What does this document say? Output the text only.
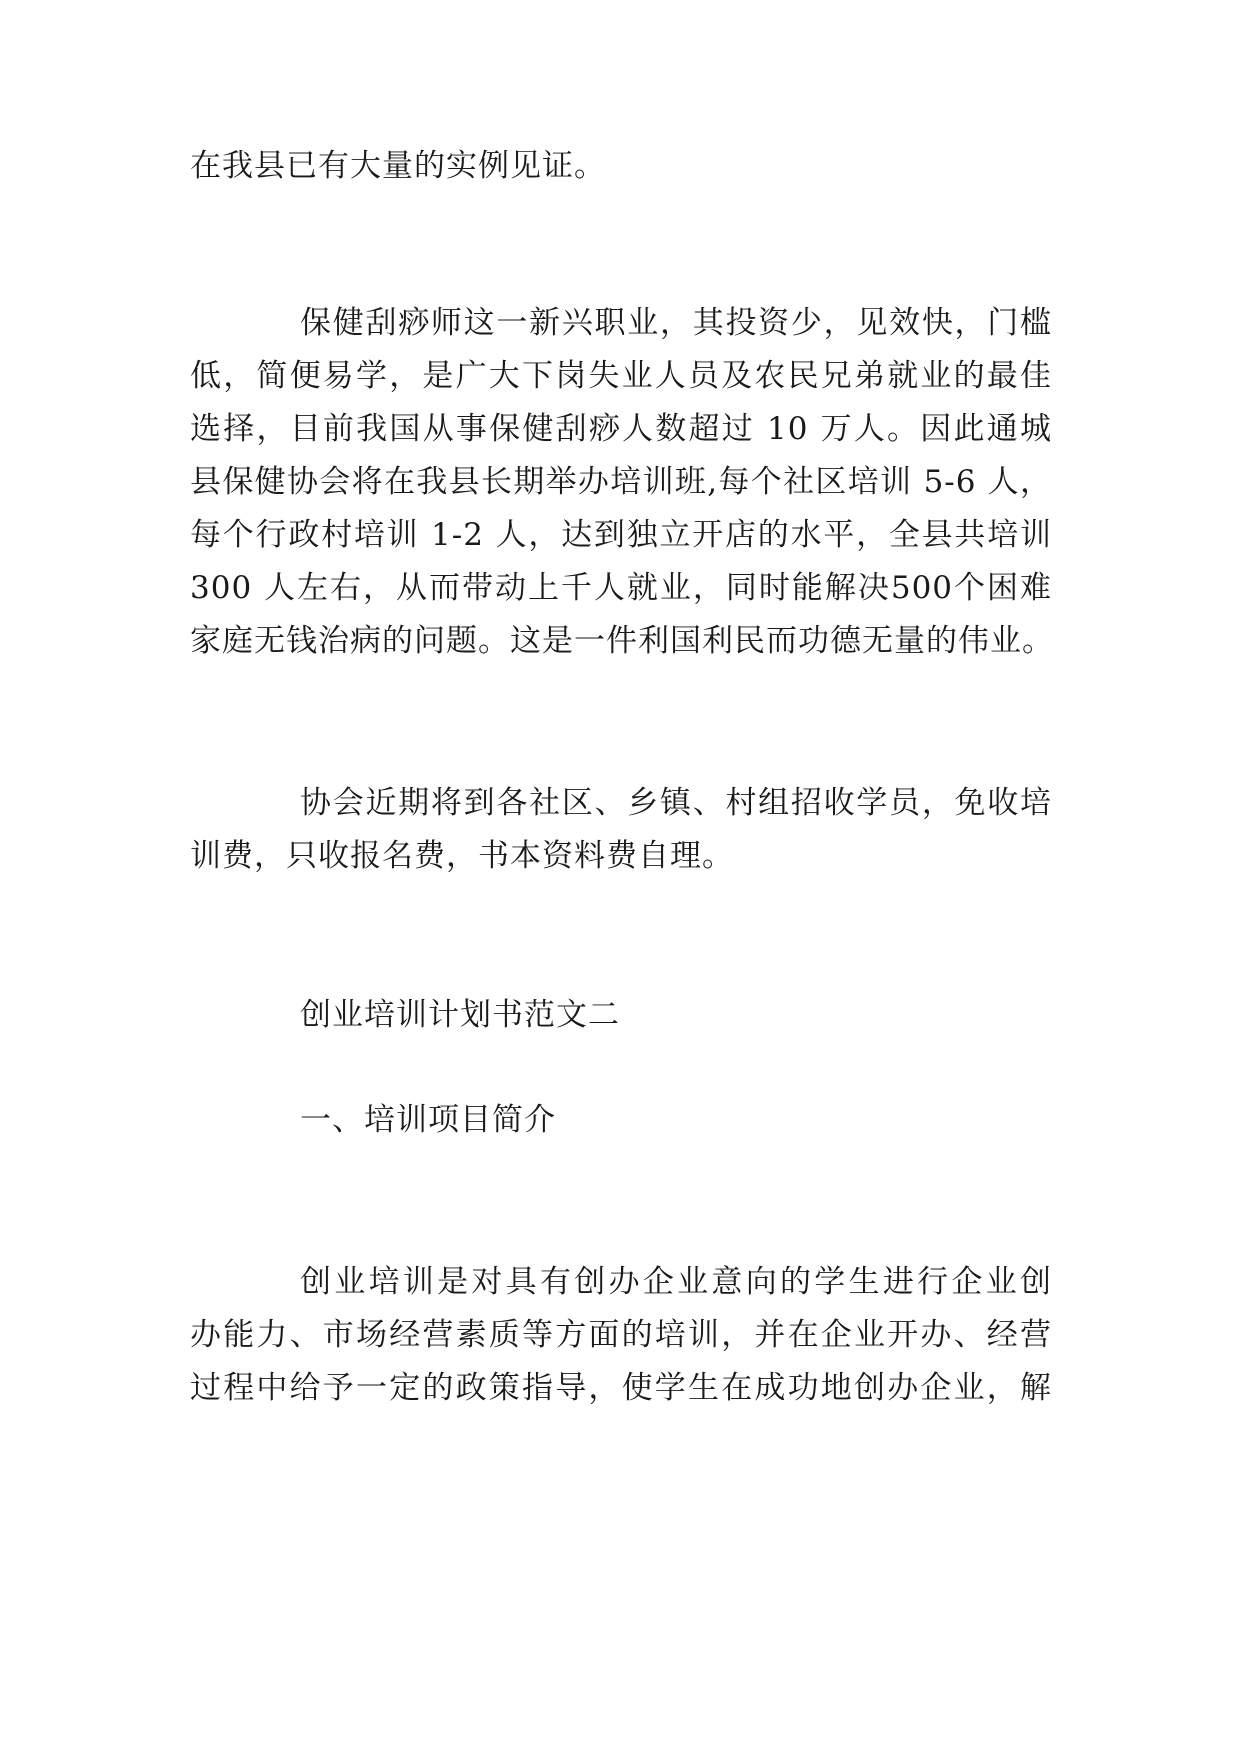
在我县已有大量的实例见证。
保健刮痧师这一新兴职业，其投资少，见效快，门槛
低，简便易学，是广大下岗失业人员及农民兄弟就业的最佳
选择，目前我国从事保健刮痧人数超过 10 万人。因此通城
县保健协会将在我县长期举办培训班,每个社区培训 5-6 人，
每个行政村培训 1-2 人，达到独立开店的水平，全县共培训
300 人左右，从而带动上千人就业，同时能解决500个困难
家庭无钱治病的问题。这是一件利国利民而功德无量的伟业。
协会近期将到各社区、乡镇、村组招收学员，免收培
训费，只收报名费，书本资料费自理。
创业培训计划书范文二
一、培训项目简介
创业培训是对具有创办企业意向的学生进行企业创
办能力、市场经营素质等方面的培训，并在企业开办、经营
过程中给予一定的政策指导，使学生在成功地创办企业，解
